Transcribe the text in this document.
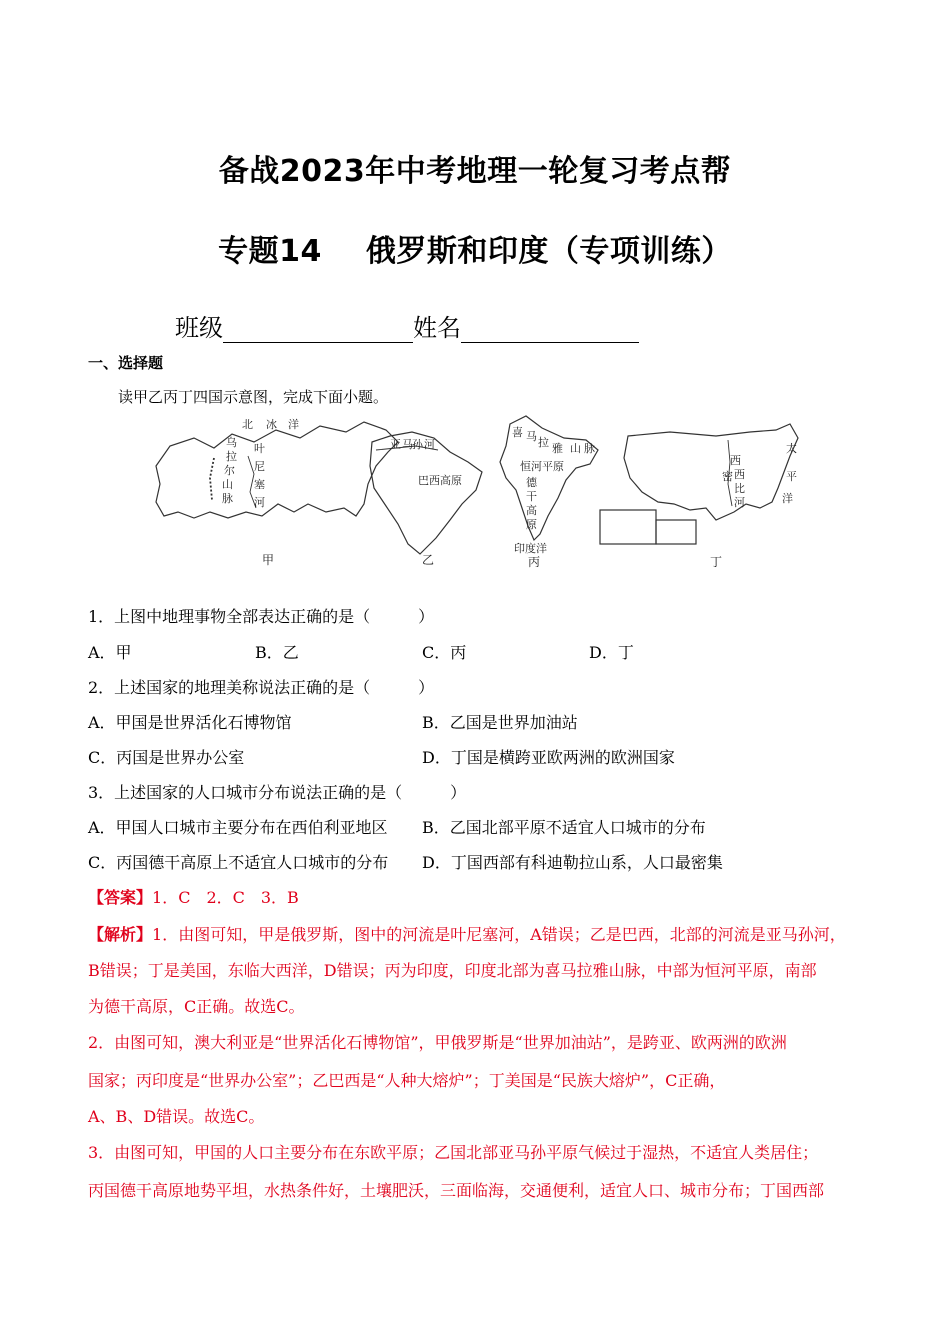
备战2023年中考地理一轮复习考点帮
专题14 俄罗斯和印度（专项训练）
班级	姓名
一、选择题
读甲乙丙丁四国示意图，完成下面小题。
北 冰 洋
乌
拉
尔
山
脉
叶
尼
塞
河
甲
亚 马 孙 河
巴西高原
乙
喜 马 拉 雅 山 脉
恒河平原
德
干
高
原
印度洋
丙
密
西
西
比
河
太
平
洋
丁
1．上图中地理事物全部表达正确的是（　　　）
A．甲	B．乙	C．丙	D．丁
2．上述国家的地理美称说法正确的是（　　　）
A．甲国是世界活化石博物馆	B．乙国是世界加油站
C．丙国是世界办公室	D．丁国是横跨亚欧两洲的欧洲国家
3．上述国家的人口城市分布说法正确的是（　　　）
A．甲国人口城市主要分布在西伯利亚地区 B．乙国北部平原不适宜人口城市的分布
C．丙国德干高原上不适宜人口城市的分布 D．丁国西部有科迪勒拉山系，人口最密集
【答案】1．C　2．C　3．B
【解析】1．由图可知，甲是俄罗斯，图中的河流是叶尼塞河，A错误；乙是巴西，北部的河流是亚马孙河，
B错误；丁是美国，东临大西洋，D错误；丙为印度，印度北部为喜马拉雅山脉，中部为恒河平原，南部
为德干高原，C正确。故选C。
2．由图可知，澳大利亚是“世界活化石博物馆”，甲俄罗斯是“世界加油站”，是跨亚、欧两洲的欧洲
国家；丙印度是“世界办公室”；乙巴西是“人种大熔炉”；丁美国是“民族大熔炉”，C正确，
A、B、D错误。故选C。
3．由图可知，甲国的人口主要分布在东欧平原；乙国北部亚马孙平原气候过于湿热，不适宜人类居住；
丙国德干高原地势平坦，水热条件好，土壤肥沃，三面临海，交通便利，适宜人口、城市分布；丁国西部
